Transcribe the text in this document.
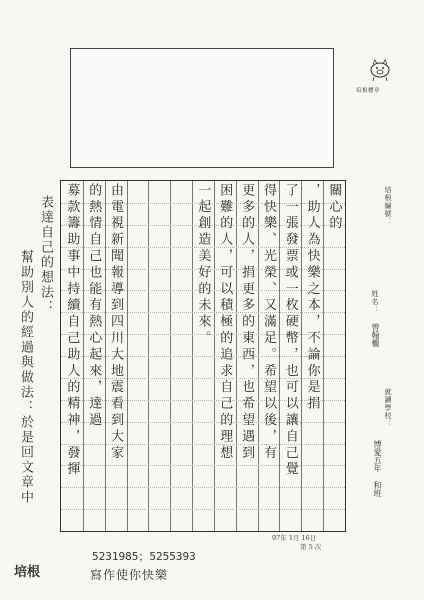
培根標章
關心的
，助人為快樂之本，不論你是捐
了一張發票或一枚硬幣，也可以讓自己覺
得快樂、光榮、又滿足。希望以後，有
更多的人，捐更多的東西，也希望遇到
困難的人，可以積極的追求自己的理想
一起創造美好的未來。
由電視新聞報導到四川大地震看到大家
的熱情自己也能有熱心起來，達過
募款籌助事中持續自己助人的精神，發揮	培根編號：
姓名：
曾翰櫳
就讀學校：
博愛五年 和班
表達自己的想法：
幫助別人的經過與做法：於是回文章中
97年 1月 16日
第 5 次
5231985；5255393
寫作使你快樂
培根
